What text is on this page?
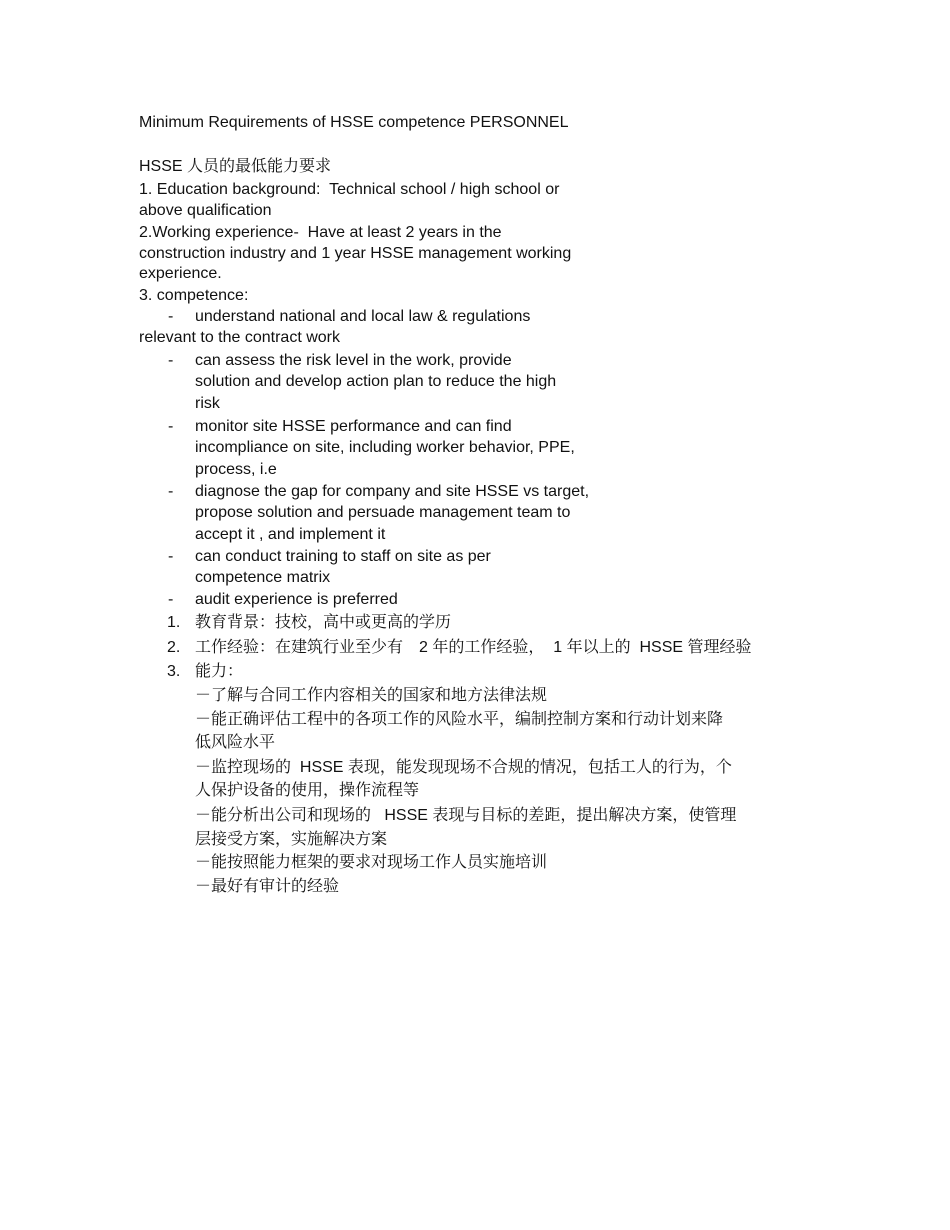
Minimum Requirements of HSSE competence PERSONNEL
HSSE 人员的最低能力要求
1. Education background:  Technical school / high school or
above qualification
2.Working experience-  Have at least 2 years in the
construction industry and 1 year HSSE management working
experience.
3. competence:
- understand national and local law & regulations
relevant to the contract work
- can assess the risk level in the work, provide
solution and develop action plan to reduce the high
risk
- monitor site HSSE performance and can find
incompliance on site, including worker behavior, PPE,
process, i.e
- diagnose the gap for company and site HSSE vs target,
propose solution and persuade management team to
accept it , and implement it
- can conduct training to staff on site as per
competence matrix
- audit experience is preferred
1. 教育背景：技校，高中或更高的学历
2. 工作经验：在建筑行业至少有　2 年的工作经验，  1 年以上的  HSSE 管理经验
3. 能力：
－了解与合同工作内容相关的国家和地方法律法规
－能正确评估工程中的各项工作的风险水平，编制控制方案和行动计划来降
低风险水平
－监控现场的  HSSE 表现，能发现现场不合规的情况，包括工人的行为，个
人保护设备的使用，操作流程等
－能分析出公司和现场的   HSSE 表现与目标的差距，提出解决方案，使管理
层接受方案，实施解决方案
－能按照能力框架的要求对现场工作人员实施培训
－最好有审计的经验
